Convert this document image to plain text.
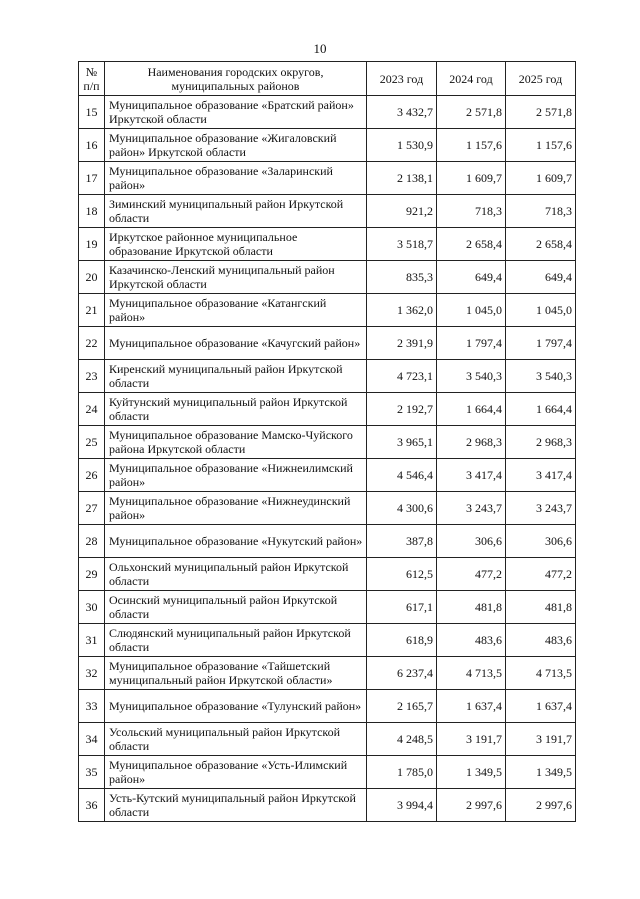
10
№ п/п	Наименования городских округов, муниципальных районов	2023 год	2024 год	2025 год
15	Муниципальное образование «Братский район» Иркутской области	3 432,7	2 571,8	2 571,8
16	Муниципальное образование «Жигаловский район» Иркутской области	1 530,9	1 157,6	1 157,6
17	Муниципальное образование «Заларинский район»	2 138,1	1 609,7	1 609,7
18	Зиминский муниципальный район Иркутской области	921,2	718,3	718,3
19	Иркутское районное муниципальное образование Иркутской области	3 518,7	2 658,4	2 658,4
20	Казачинско-Ленский муниципальный район Иркутской области	835,3	649,4	649,4
21	Муниципальное образование «Катангский район»	1 362,0	1 045,0	1 045,0
22	Муниципальное образование «Качугский район»	2 391,9	1 797,4	1 797,4
23	Киренский муниципальный район Иркутской области	4 723,1	3 540,3	3 540,3
24	Куйтунский муниципальный район Иркутской области	2 192,7	1 664,4	1 664,4
25	Муниципальное образование Мамско-Чуйского района Иркутской области	3 965,1	2 968,3	2 968,3
26	Муниципальное образование «Нижнеилимский район»	4 546,4	3 417,4	3 417,4
27	Муниципальное образование «Нижнеудинский район»	4 300,6	3 243,7	3 243,7
28	Муниципальное образование «Нукутский район»	387,8	306,6	306,6
29	Ольхонский муниципальный район Иркутской области	612,5	477,2	477,2
30	Осинский муниципальный район Иркутской области	617,1	481,8	481,8
31	Слюдянский муниципальный район Иркутской области	618,9	483,6	483,6
32	Муниципальное образование «Тайшетский муниципальный район Иркутской области»	6 237,4	4 713,5	4 713,5
33	Муниципальное образование «Тулунский район»	2 165,7	1 637,4	1 637,4
34	Усольский муниципальный район Иркутской области	4 248,5	3 191,7	3 191,7
35	Муниципальное образование «Усть-Илимский район»	1 785,0	1 349,5	1 349,5
36	Усть-Кутский муниципальный район Иркутской области	3 994,4	2 997,6	2 997,6
